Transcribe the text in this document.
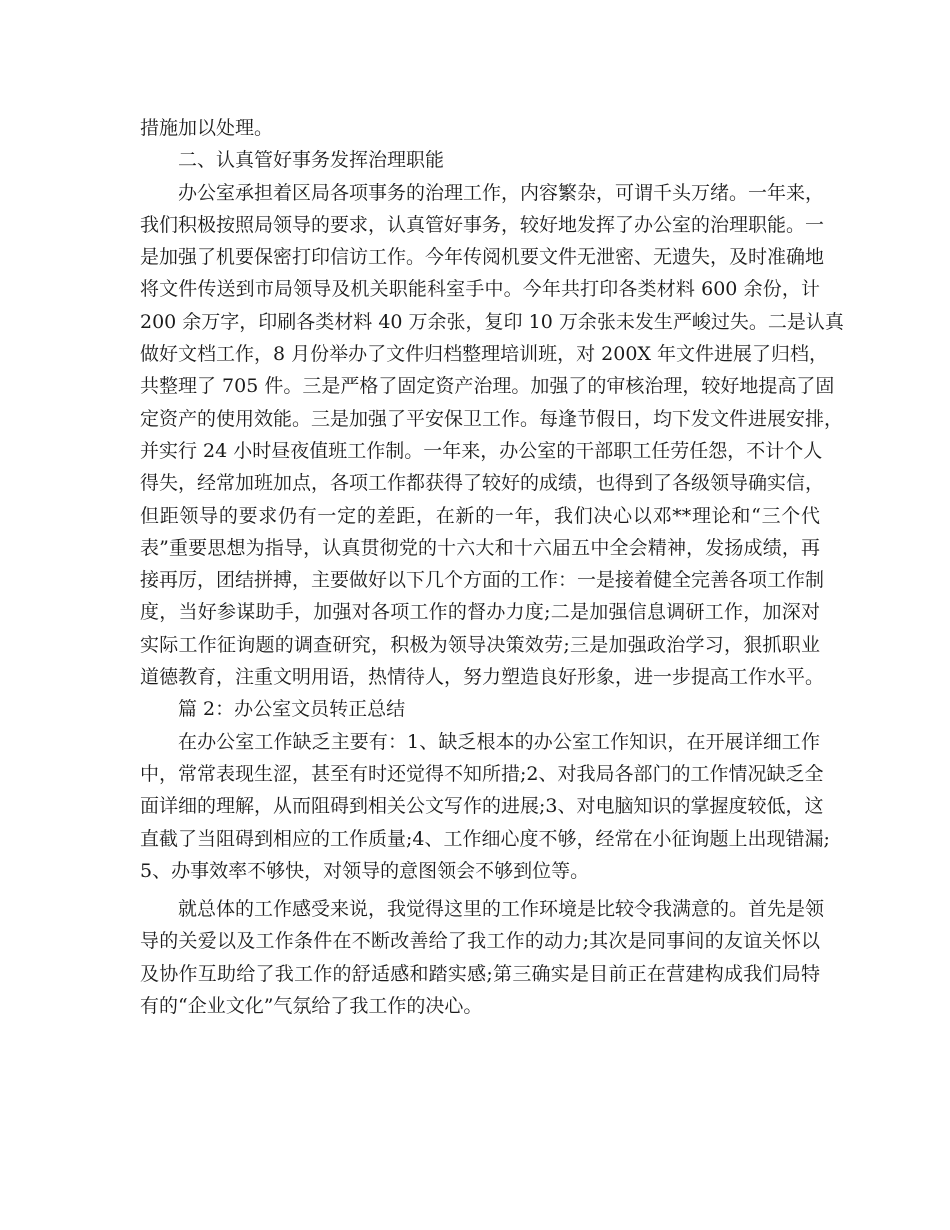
措施加以处理。
二、认真管好事务发挥治理职能
办公室承担着区局各项事务的治理工作，内容繁杂，可谓千头万绪。一年来，
我们积极按照局领导的要求，认真管好事务，较好地发挥了办公室的治理职能。一
是加强了机要保密打印信访工作。今年传阅机要文件无泄密、无遗失，及时准确地
将文件传送到市局领导及机关职能科室手中。今年共打印各类材料 600 余份，计
200 余万字，印刷各类材料 40 万余张，复印 10 万余张未发生严峻过失。二是认真
做好文档工作，8 月份举办了文件归档整理培训班，对 200X 年文件进展了归档，
共整理了 705 件。三是严格了固定资产治理。加强了的审核治理，较好地提高了固
定资产的使用效能。三是加强了平安保卫工作。每逢节假日，均下发文件进展安排，
并实行 24 小时昼夜值班工作制。一年来，办公室的干部职工任劳任怨，不计个人
得失，经常加班加点，各项工作都获得了较好的成绩，也得到了各级领导确实信，
但距领导的要求仍有一定的差距，在新的一年，我们决心以邓**理论和“三个代
表”重要思想为指导，认真贯彻党的十六大和十六届五中全会精神，发扬成绩，再
接再厉，团结拼搏，主要做好以下几个方面的工作：一是接着健全完善各项工作制
度，当好参谋助手，加强对各项工作的督办力度;二是加强信息调研工作，加深对
实际工作征询题的调查研究，积极为领导决策效劳;三是加强政治学习，狠抓职业
道德教育，注重文明用语，热情待人，努力塑造良好形象，进一步提高工作水平。
篇 2：办公室文员转正总结
在办公室工作缺乏主要有：1、缺乏根本的办公室工作知识，在开展详细工作
中，常常表现生涩，甚至有时还觉得不知所措;2、对我局各部门的工作情况缺乏全
面详细的理解，从而阻碍到相关公文写作的进展;3、对电脑知识的掌握度较低，这
直截了当阻碍到相应的工作质量;4、工作细心度不够，经常在小征询题上出现错漏;
5、办事效率不够快，对领导的意图领会不够到位等。
就总体的工作感受来说，我觉得这里的工作环境是比较令我满意的。首先是领
导的关爱以及工作条件在不断改善给了我工作的动力;其次是同事间的友谊关怀以
及协作互助给了我工作的舒适感和踏实感;第三确实是目前正在营建构成我们局特
有的“企业文化”气氛给了我工作的决心。
